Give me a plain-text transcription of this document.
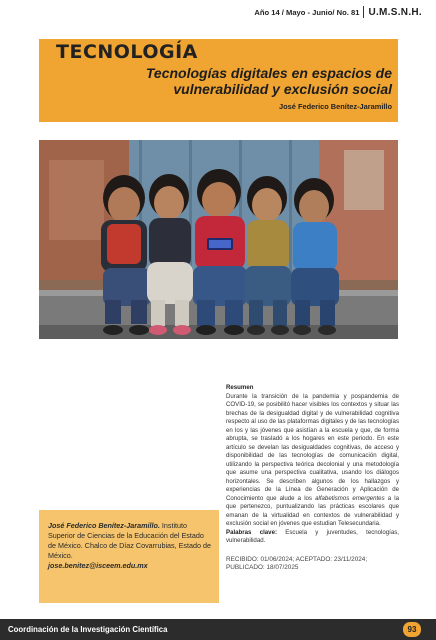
Año 14 / Mayo - Junio/ No. 81 U.M.S.N.H.
TECNOLOGÍA
Tecnologías digitales en espacios de vulnerabilidad y exclusión social
José Federico Benítez-Jaramillo

Resumen

Durante la transición de la pandemia y pospandemia de COVID-19, se posibilitó hacer visibles los contextos y situar las brechas de la desigualdad digital y de vulnerabilidad cognitiva respecto al uso de las plataformas digitales y de las tecnologías en los y las jóvenes que asistían a la escuela y que, de forma abrupta, se trasladó a los hogares en este periodo. En este artículo se develan las desigualdades cognitivas, de acceso y disponibilidad de las tecnologías de comunicación digital, utilizando la perspectiva teórica decolonial y una metodología que asume una perspectiva cualitativa, usando los diálogos horizontales. Se describen algunos de los hallazgos y experiencias de la Línea de Generación y Aplicación de Conocimiento que alude a los alfabetismos emergentes a la que pertenezco, puntualizando las prácticas escolares que emanan de la virtualidad en contextos de vulnerabilidad y exclusión social en jóvenes que estudian Telesecundaria.

Palabras clave: Escuela y juventudes, tecnologías, vulnerabilidad.

RECIBIDO: 01/06/2024; ACEPTADO: 23/11/2024; PUBLICADO: 18/07/2025

José Federico Benítez-Jaramillo. Instituto Superior de Ciencias de la Educación del Estado de México. Chalco de Díaz Covarrubias, Estado de México.
jose.benitez@isceem.edu.mx

Coordinación de la Investigación Científica	93
